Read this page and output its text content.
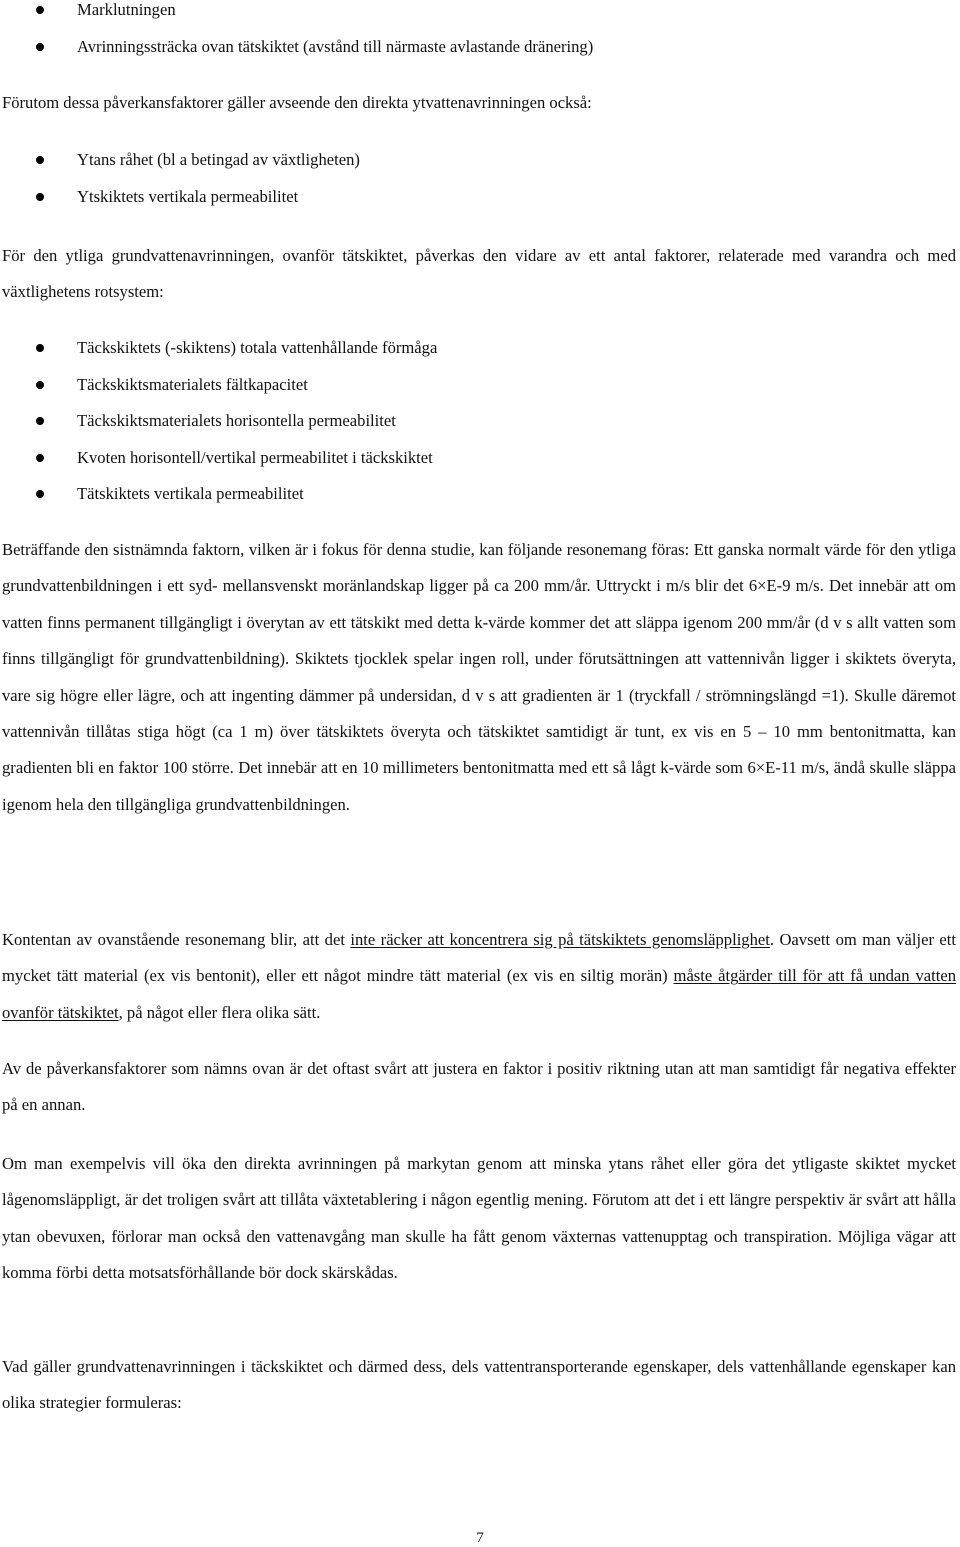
Marklutningen
Avrinningssträcka ovan tätskiktet (avstånd till närmaste avlastande dränering)

Förutom dessa påverkansfaktorer gäller avseende den direkta ytvattenavrinningen också:

Ytans råhet (bl a betingad av växtligheten)
Ytskiktets vertikala permeabilitet

För den ytliga grundvattenavrinningen, ovanför tätskiktet, påverkas den vidare av ett antal faktorer, relaterade med varandra och med växtlighetens rotsystem:

Täckskiktets (-skiktens) totala vattenhållande förmåga
Täckskiktsmaterialets fältkapacitet
Täckskiktsmaterialets horisontella permeabilitet
Kvoten horisontell/vertikal permeabilitet i täckskiktet
Tätskiktets vertikala permeabilitet

Beträffande den sistnämnda faktorn, vilken är i fokus för denna studie, kan följande resonemang föras: Ett ganska normalt värde för den ytliga grundvattenbildningen i ett syd- mellansvenskt moränlandskap ligger på ca 200 mm/år. Uttryckt i m/s blir det 6×E-9 m/s. Det innebär att om vatten finns permanent tillgängligt i överytan av ett tätskikt med detta k-värde kommer det att släppa igenom 200 mm/år (d v s allt vatten som finns tillgängligt för grundvattenbildning). Skiktets tjocklek spelar ingen roll, under förutsättningen att vattennivån ligger i skiktets överyta, vare sig högre eller lägre, och att ingenting dämmer på undersidan, d v s att gradienten är 1 (tryckfall / strömningslängd =1). Skulle däremot vattennivån tillåtas stiga högt (ca 1 m) över tätskiktets överyta och tätskiktet samtidigt är tunt, ex vis en 5 – 10 mm bentonitmatta, kan gradienten bli en faktor 100 större. Det innebär att en 10 millimeters bentonitmatta med ett så lågt k-värde som 6×E-11 m/s, ändå skulle släppa igenom hela den tillgängliga grundvattenbildningen.

Kontentan av ovanstående resonemang blir, att det inte räcker att koncentrera sig på tätskiktets genomsläpplighet. Oavsett om man väljer ett mycket tätt material (ex vis bentonit), eller ett något mindre tätt material (ex vis en siltig morän) måste åtgärder till för att få undan vatten ovanför tätskiktet, på något eller flera olika sätt.

Av de påverkansfaktorer som nämns ovan är det oftast svårt att justera en faktor i positiv riktning utan att man samtidigt får negativa effekter på en annan.

Om man exempelvis vill öka den direkta avrinningen på markytan genom att minska ytans råhet eller göra det ytligaste skiktet mycket lågenomsläppligt, är det troligen svårt att tillåta växtetablering i någon egentlig mening. Förutom att det i ett längre perspektiv är svårt att hålla ytan obevuxen, förlorar man också den vattenavgång man skulle ha fått genom växternas vattenupptag och transpiration. Möjliga vägar att komma förbi detta motsatsförhållande bör dock skärskådas.

Vad gäller grundvattenavrinningen i täckskiktet och därmed dess, dels vattentransporterande egenskaper, dels vattenhållande egenskaper kan olika strategier formuleras:

7
